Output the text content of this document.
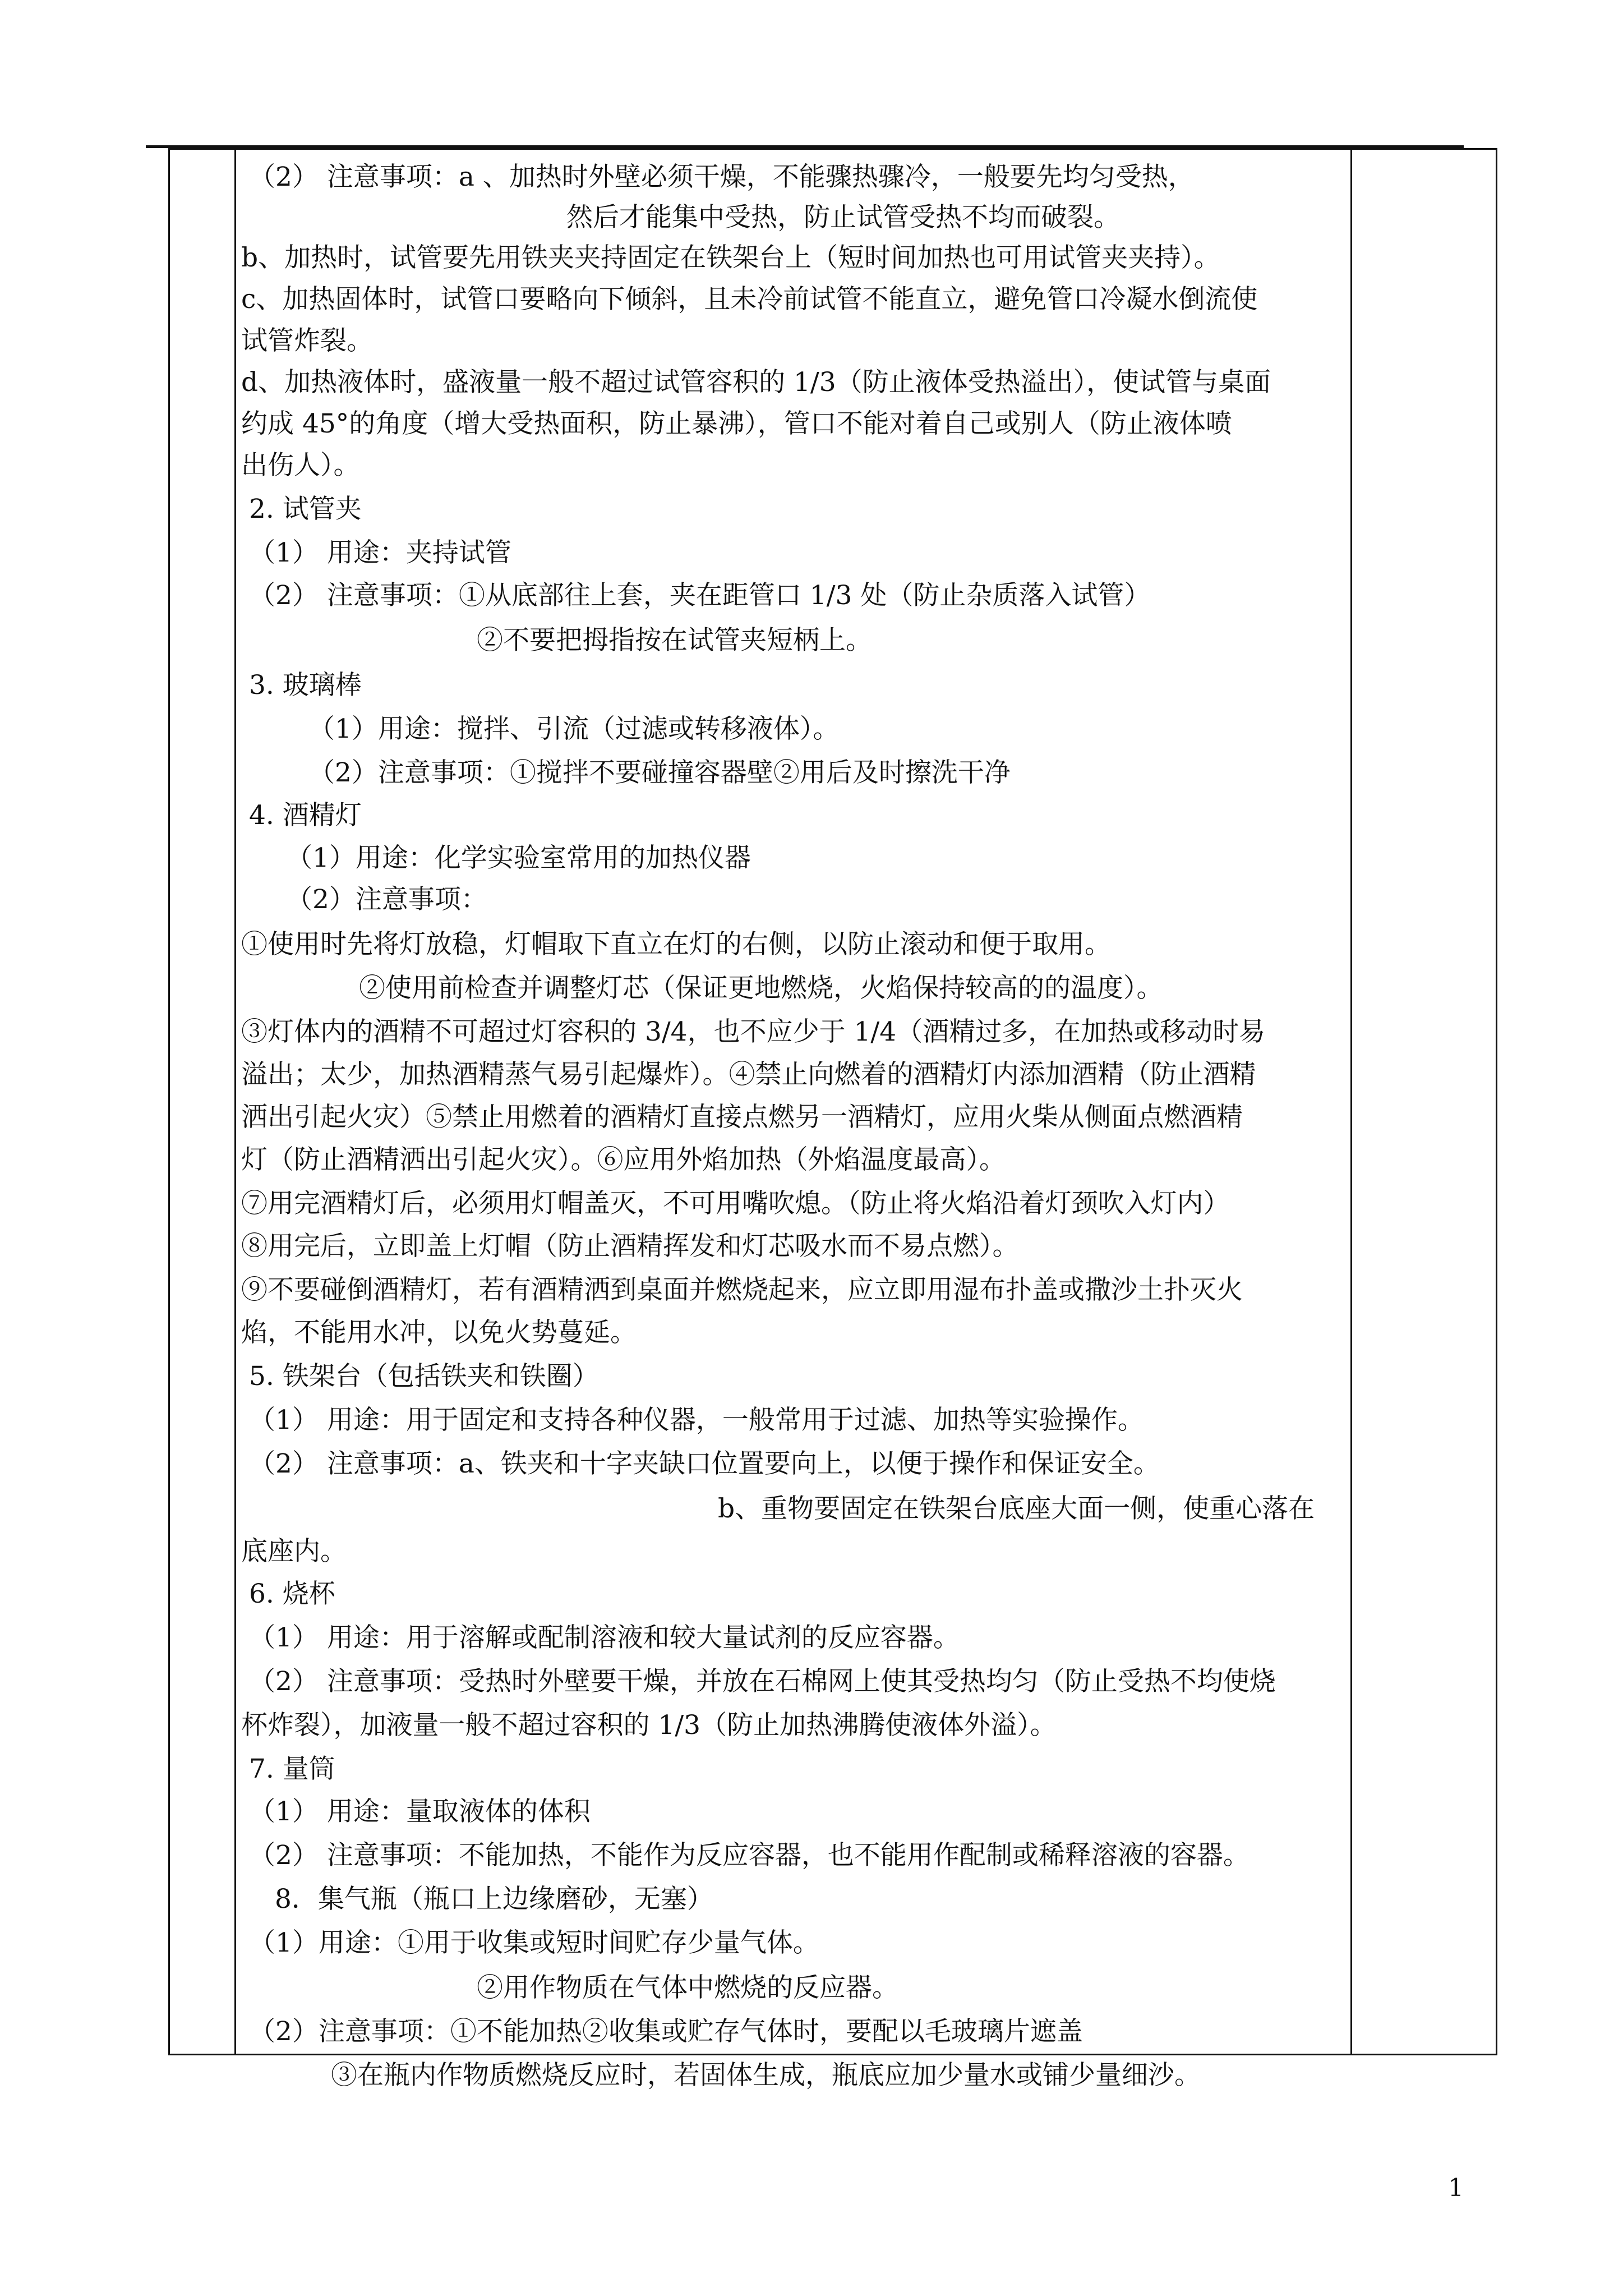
（2） 注意事项：a 、加热时外壁必须干燥，不能骤热骤冷，一般要先均匀受热，
然后才能集中受热，防止试管受热不均而破裂。
b、加热时，试管要先用铁夹夹持固定在铁架台上（短时间加热也可用试管夹夹持）。
c、加热固体时，试管口要略向下倾斜，且未冷前试管不能直立，避免管口冷凝水倒流使
试管炸裂。
d、加热液体时，盛液量一般不超过试管容积的 1/3（防止液体受热溢出），使试管与桌面
约成 45°的角度（增大受热面积，防止暴沸），管口不能对着自己或别人（防止液体喷
出伤人）。
2. 试管夹
（1） 用途：夹持试管
（2） 注意事项：①从底部往上套，夹在距管口 1/3 处（防止杂质落入试管）
②不要把拇指按在试管夹短柄上。
3. 玻璃棒
（1）用途：搅拌、引流（过滤或转移液体）。
（2）注意事项：①搅拌不要碰撞容器壁②用后及时擦洗干净
4. 酒精灯
（1）用途：化学实验室常用的加热仪器
（2）注意事项：
①使用时先将灯放稳，灯帽取下直立在灯的右侧，以防止滚动和便于取用。
②使用前检查并调整灯芯（保证更地燃烧，火焰保持较高的的温度）。
③灯体内的酒精不可超过灯容积的 3/4，也不应少于 1/4（酒精过多，在加热或移动时易
溢出；太少，加热酒精蒸气易引起爆炸）。④禁止向燃着的酒精灯内添加酒精（防止酒精
洒出引起火灾）⑤禁止用燃着的酒精灯直接点燃另一酒精灯，应用火柴从侧面点燃酒精
灯（防止酒精洒出引起火灾）。⑥应用外焰加热（外焰温度最高）。
⑦用完酒精灯后，必须用灯帽盖灭，不可用嘴吹熄。（防止将火焰沿着灯颈吹入灯内）
⑧用完后，立即盖上灯帽（防止酒精挥发和灯芯吸水而不易点燃）。
⑨不要碰倒酒精灯，若有酒精洒到桌面并燃烧起来，应立即用湿布扑盖或撒沙土扑灭火
焰，不能用水冲，以免火势蔓延。
5. 铁架台（包括铁夹和铁圈）
（1） 用途：用于固定和支持各种仪器，一般常用于过滤、加热等实验操作。
（2） 注意事项：a、铁夹和十字夹缺口位置要向上，以便于操作和保证安全。
b、重物要固定在铁架台底座大面一侧，使重心落在
底座内。
6. 烧杯
（1） 用途：用于溶解或配制溶液和较大量试剂的反应容器。
（2） 注意事项：受热时外壁要干燥，并放在石棉网上使其受热均匀（防止受热不均使烧
杯炸裂），加液量一般不超过容积的 1/3（防止加热沸腾使液体外溢）。
7. 量筒
（1） 用途：量取液体的体积
（2） 注意事项：不能加热，不能作为反应容器，也不能用作配制或稀释溶液的容器。
8．集气瓶（瓶口上边缘磨砂，无塞）
（1）用途：①用于收集或短时间贮存少量气体。
②用作物质在气体中燃烧的反应器。
（2）注意事项：①不能加热②收集或贮存气体时，要配以毛玻璃片遮盖
③在瓶内作物质燃烧反应时，若固体生成，瓶底应加少量水或铺少量细沙。
1
